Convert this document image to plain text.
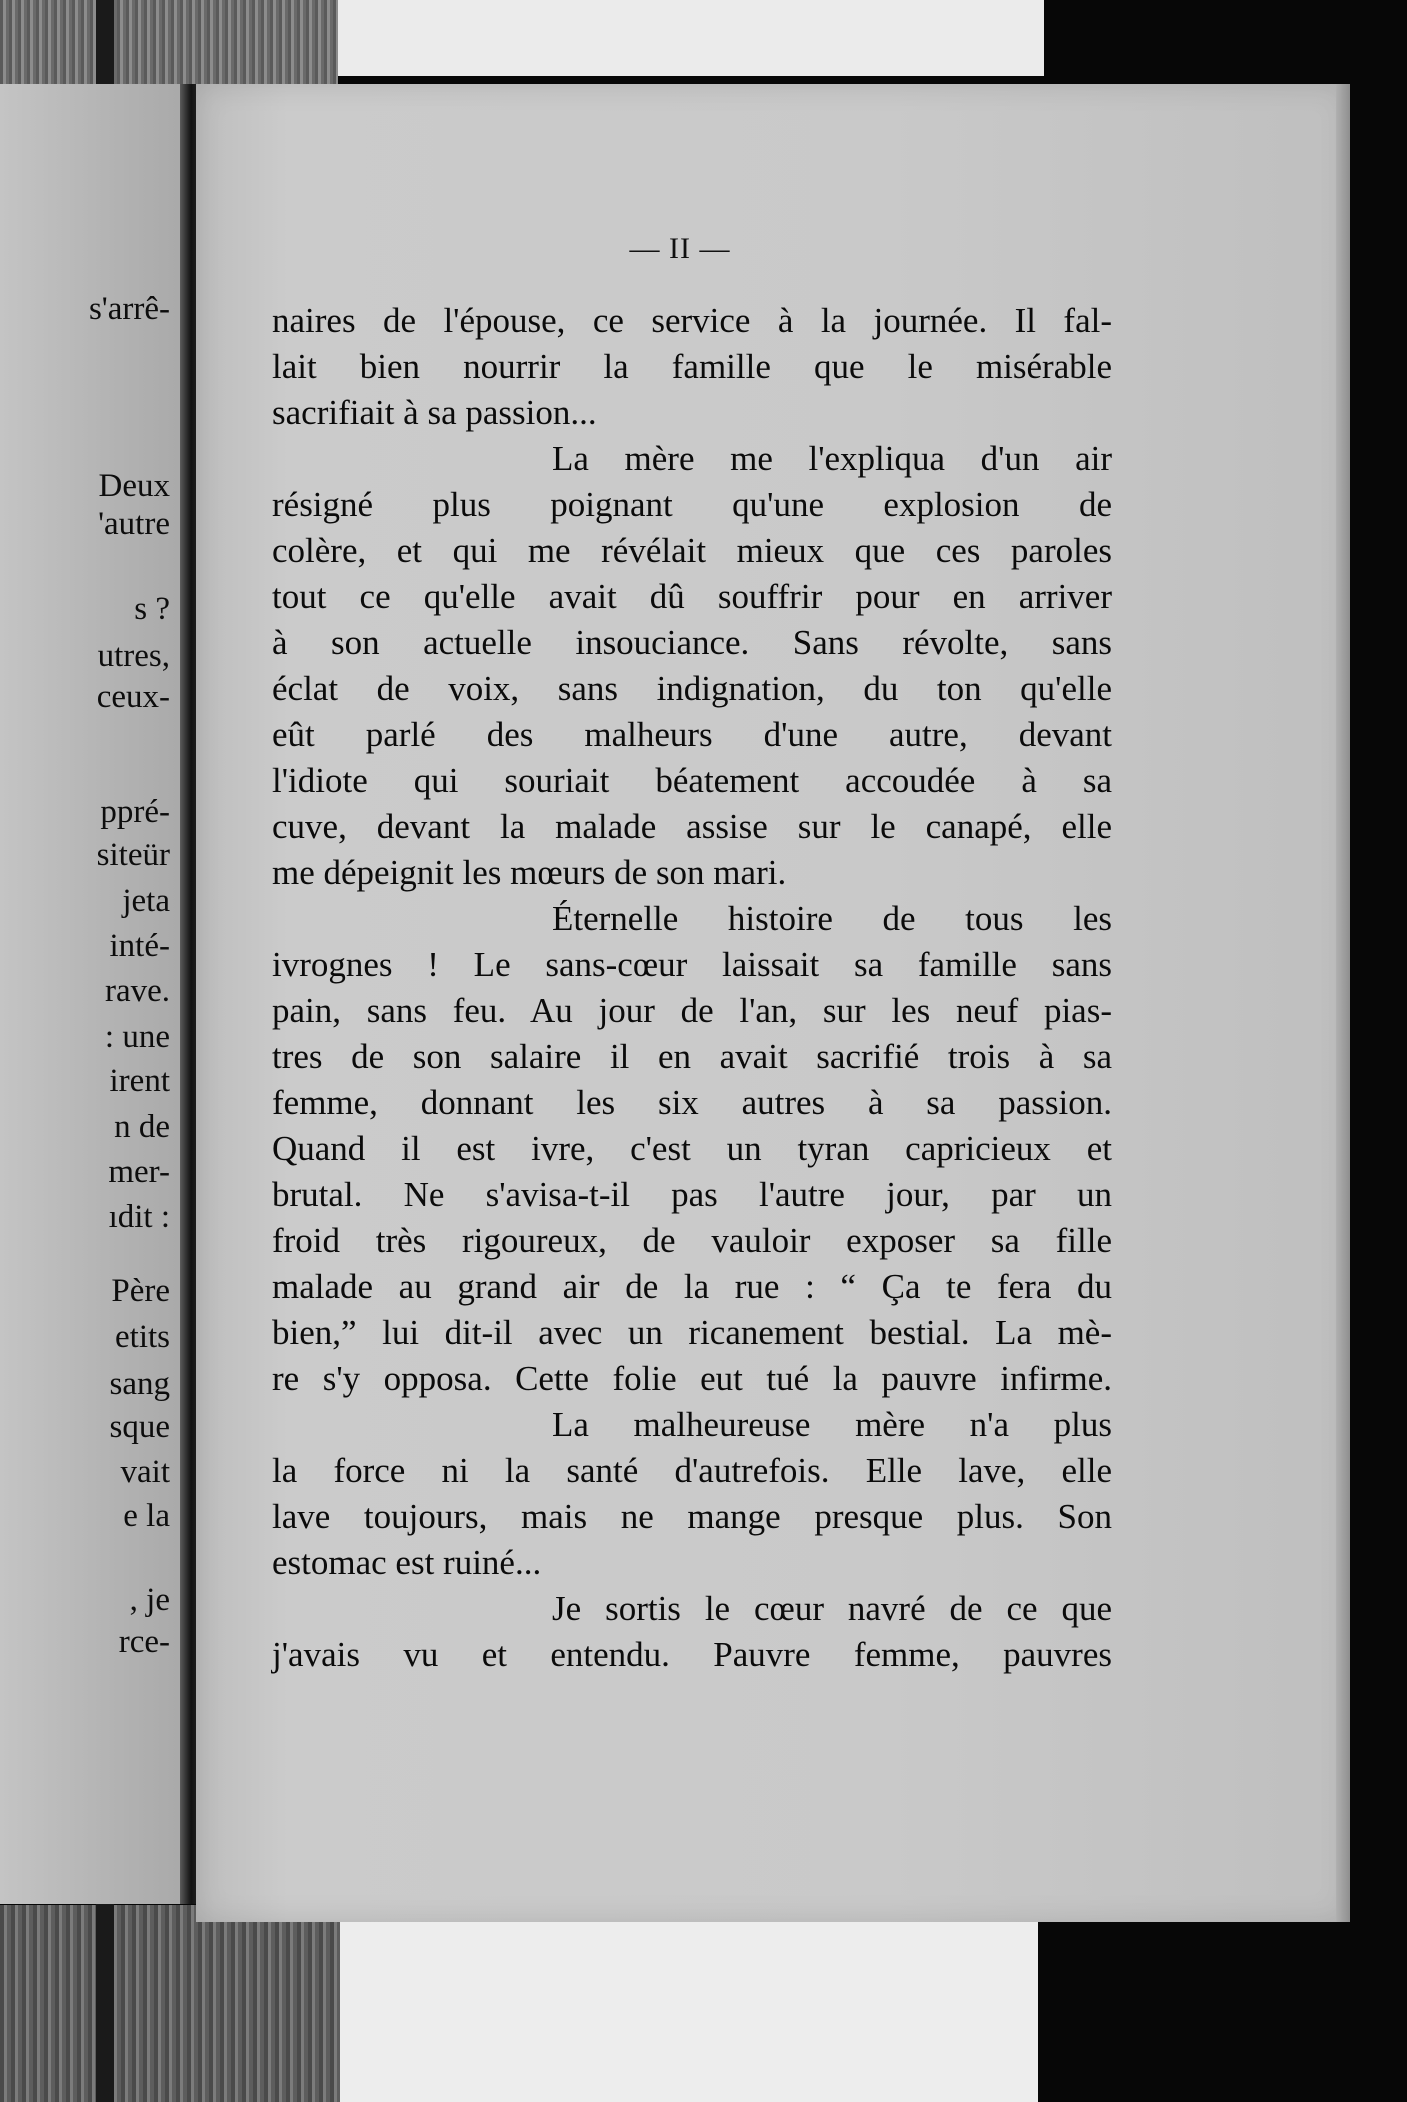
s'arrê-
Deux
'autre
s ?
utres,
ceux-
ppré-
siteür
jeta
inté-
rave.
: une
irent
n de
mer-
ıdit :
Père
etits
sang
sque
vait
e la
, je
rce-
— II —
naires de l'épouse, ce service à la journée. Il fal-
lait bien nourrir la famille que le misérable
sacrifiait à sa passion...
La mère me l'expliqua d'un air
résigné plus poignant qu'une explosion de
colère, et qui me révélait mieux que ces paroles
tout ce qu'elle avait dû souffrir pour en arriver
à son actuelle insouciance. Sans révolte, sans
éclat de voix, sans indignation, du ton qu'elle
eût parlé des malheurs d'une autre, devant
l'idiote qui souriait béatement accoudée à sa
cuve, devant la malade assise sur le canapé, elle
me dépeignit les mœurs de son mari.
Éternelle histoire de tous les
ivrognes ! Le sans-cœur laissait sa famille sans
pain, sans feu. Au jour de l'an, sur les neuf pias-
tres de son salaire il en avait sacrifié trois à sa
femme, donnant les six autres à sa passion.
Quand il est ivre, c'est un tyran capricieux et
brutal. Ne s'avisa-t-il pas l'autre jour, par un
froid très rigoureux, de vauloir exposer sa fille
malade au grand air de la rue : “ Ça te fera du
bien,” lui dit-il avec un ricanement bestial. La mè-
re s'y opposa. Cette folie eut tué la pauvre infirme.
La malheureuse mère n'a plus
la force ni la santé d'autrefois. Elle lave, elle
lave toujours, mais ne mange presque plus. Son
estomac est ruiné...
Je sortis le cœur navré de ce que
j'avais vu et entendu. Pauvre femme, pauvres
